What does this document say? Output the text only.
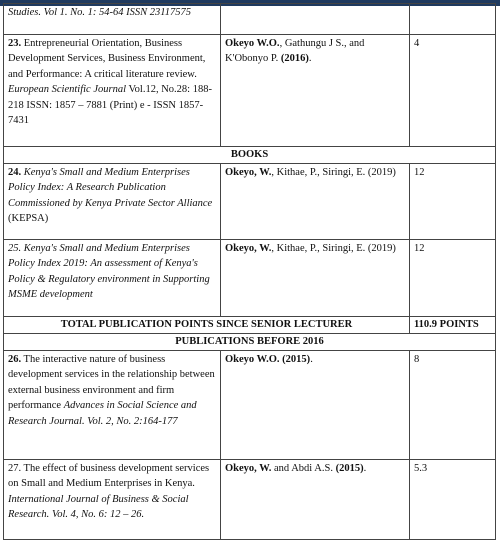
Studies. Vol 1. No. 1: 54-64 ISSN 23117575		
23. Entrepreneurial Orientation, Business Development Services, Business Environment, and Performance: A critical literature review. European Scientific Journal Vol.12, No.28: 188-218 ISSN: 1857 – 7881 (Print) e - ISSN 1857- 7431	Okeyo W.O., Gathungu J S., and K'Obonyo P. (2016).	4
BOOKS		
24. Kenya's Small and Medium Enterprises Policy Index: A Research Publication Commissioned by Kenya Private Sector Alliance (KEPSA)	Okeyo, W., Kithae, P., Siringi, E. (2019)	12
25. Kenya's Small and Medium Enterprises Policy Index 2019: An assessment of Kenya's Policy & Regulatory environment in Supporting MSME development	Okeyo, W., Kithae, P., Siringi, E. (2019)	12
TOTAL PUBLICATION POINTS SINCE SENIOR LECTURER		110.9 POINTS
PUBLICATIONS BEFORE 2016		
26. The interactive nature of business development services in the relationship between external business environment and firm performance Advances in Social Science and Research Journal. Vol. 2, No. 2:164-177	Okeyo W.O. (2015).	8
27. The effect of business development services on Small and Medium Enterprises in Kenya. International Journal of Business & Social Research. Vol. 4, No. 6: 12 – 26.	Okeyo, W. and Abdi A.S. (2015).	5.3
